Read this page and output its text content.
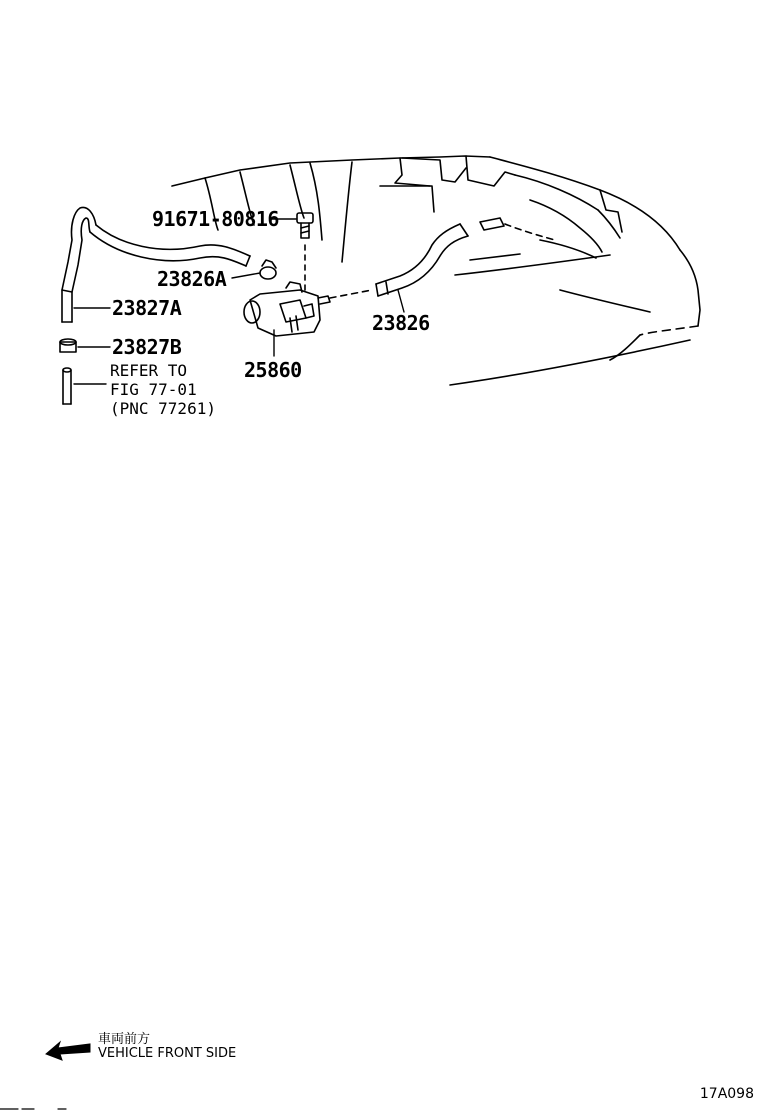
91671-80816
23826A
23827A
23827B
25860
23826
REFER TO
FIG 77-01
(PNC 77261)
車両前方
VEHICLE FRONT SIDE
17A098
